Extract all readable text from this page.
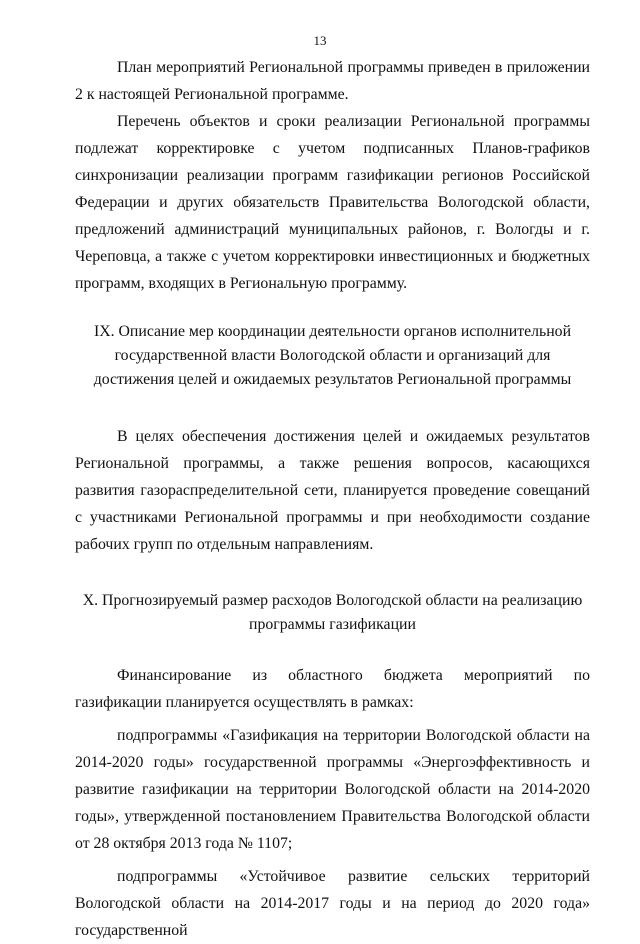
13

План мероприятий Региональной программы приведен в приложении 2 к настоящей Региональной программе.

Перечень объектов и сроки реализации Региональной программы подлежат корректировке с учетом подписанных Планов-графиков синхронизации реализации программ газификации регионов Российской Федерации и других обязательств Правительства Вологодской области, предложений администраций муниципальных районов, г. Вологды и г. Череповца, а также с учетом корректировки инвестиционных и бюджетных программ, входящих в Региональную программу.

IX. Описание мер координации деятельности органов исполнительной государственной власти Вологодской области и организаций для достижения целей и ожидаемых результатов Региональной программы

В целях обеспечения достижения целей и ожидаемых результатов Региональной программы, а также решения вопросов, касающихся развития газораспределительной сети, планируется проведение совещаний с участниками Региональной программы и при необходимости создание рабочих групп по отдельным направлениям.

X. Прогнозируемый размер расходов Вологодской области на реализацию программы газификации

Финансирование из областного бюджета мероприятий по газификации планируется осуществлять в рамках:

подпрограммы «Газификация на территории Вологодской области на 2014-2020 годы» государственной программы «Энергоэффективность и развитие газификации на территории Вологодской области на 2014-2020 годы», утвержденной постановлением Правительства Вологодской области от 28 октября 2013 года № 1107;

подпрограммы «Устойчивое развитие сельских территорий Вологодской области на 2014-2017 годы и на период до 2020 года» государственной
